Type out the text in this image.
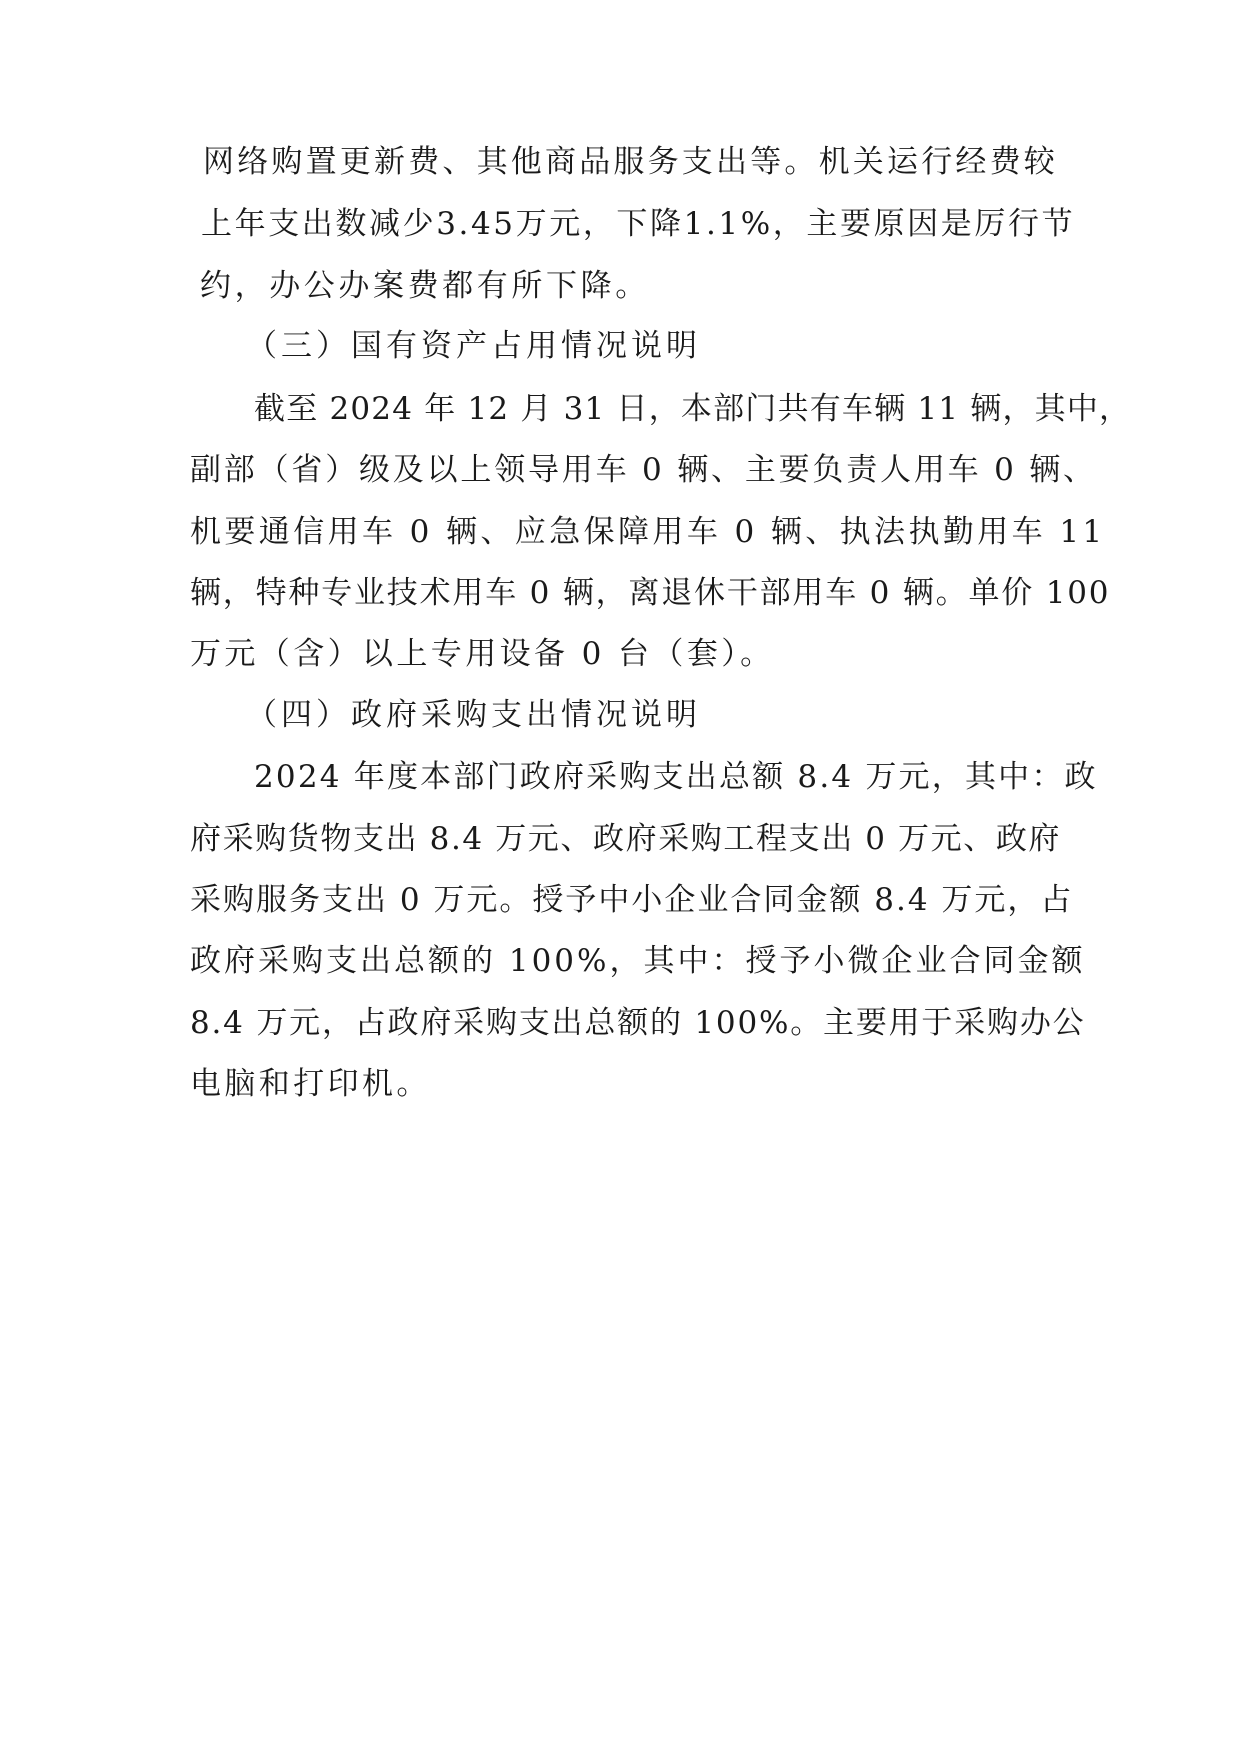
网络购置更新费、其他商品服务支出等。机关运行经费较
上年支出数减少3.45万元，下降1.1%，主要原因是厉行节
约，办公办案费都有所下降。
（三）国有资产占用情况说明
截至 2024 年 12 月 31 日，本部门共有车辆 11 辆，其中，
副部（省）级及以上领导用车 0 辆、主要负责人用车 0 辆、
机要通信用车 0 辆、应急保障用车 0 辆、执法执勤用车 11
辆，特种专业技术用车 0 辆，离退休干部用车 0 辆。单价 100
万元（含）以上专用设备 0 台（套）。
（四）政府采购支出情况说明
2024 年度本部门政府采购支出总额 8.4 万元，其中：政
府采购货物支出 8.4 万元、政府采购工程支出 0 万元、政府
采购服务支出 0 万元。授予中小企业合同金额 8.4 万元，占
政府采购支出总额的 100%，其中：授予小微企业合同金额
8.4 万元，占政府采购支出总额的 100%。主要用于采购办公
电脑和打印机。
